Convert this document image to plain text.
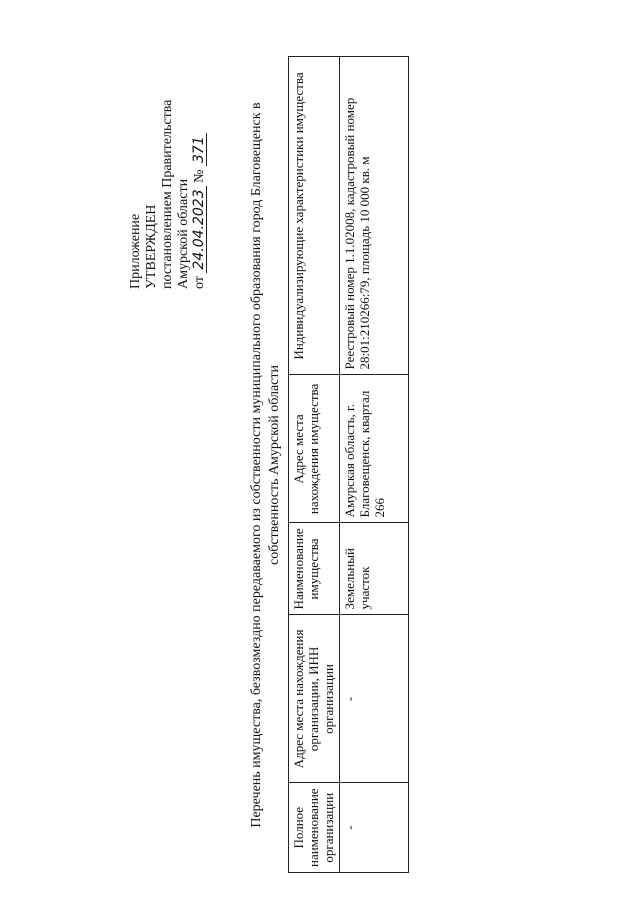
Приложение УТВЕРЖДЕН постановлением Правительства Амурской области от 24.04.2023 № 371	Перечень имущества, безвозмездно передаваемого из собственности муниципального образования город Благовещенск в собственность Амурской области
Полное наименование организации	Адрес места нахождения организации, ИНН организации	Наименование имущества	Адрес места нахождения имущества	Индивидуализирующие характеристики имущества
-	-	Земельный участок	Амурская область, г. Благовещенск, квартал 266	Реестровый номер 1.1.02008, кадастровый номер 28:01:210266:79, площадь 10 000 кв. м
